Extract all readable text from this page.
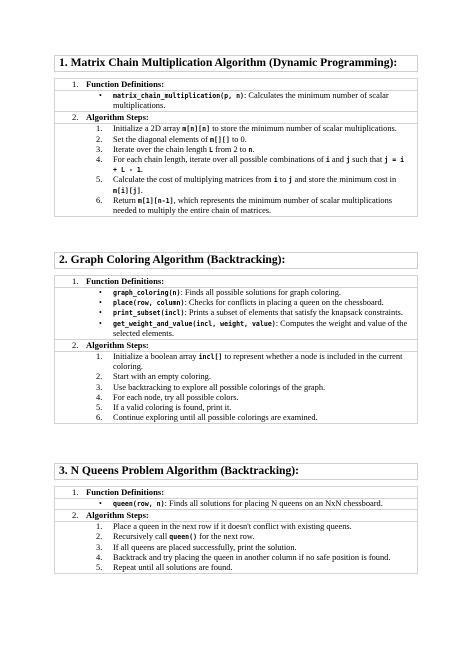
1. Matrix Chain Multiplication Algorithm (Dynamic Programming):
1. Function Definitions:
• matrix_chain_multiplication(p, n): Calculates the minimum number of scalar multiplications.
2. Algorithm Steps:
1. Initialize a 2D array m[n][n] to store the minimum number of scalar multiplications.
2. Set the diagonal elements of m[][] to 0.
3. Iterate over the chain length L from 2 to n.
4. For each chain length, iterate over all possible combinations of i and j such that j = i + L - 1.
5. Calculate the cost of multiplying matrices from i to j and store the minimum cost in m[i][j].
6. Return m[1][n-1], which represents the minimum number of scalar multiplications needed to multiply the entire chain of matrices.
2. Graph Coloring Algorithm (Backtracking):
1. Function Definitions:
• graph_coloring(n): Finds all possible solutions for graph coloring.
• place(row, column): Checks for conflicts in placing a queen on the chessboard.
• print_subset(incl): Prints a subset of elements that satisfy the knapsack constraints.
• get_weight_and_value(incl, weight, value): Computes the weight and value of the selected elements.
2. Algorithm Steps:
1. Initialize a boolean array incl[] to represent whether a node is included in the current coloring.
2. Start with an empty coloring.
3. Use backtracking to explore all possible colorings of the graph.
4. For each node, try all possible colors.
5. If a valid coloring is found, print it.
6. Continue exploring until all possible colorings are examined.
3. N Queens Problem Algorithm (Backtracking):
1. Function Definitions:
• queen(row, n): Finds all solutions for placing N queens on an NxN chessboard.
2. Algorithm Steps:
1. Place a queen in the next row if it doesn't conflict with existing queens.
2. Recursively call queen() for the next row.
3. If all queens are placed successfully, print the solution.
4. Backtrack and try placing the queen in another column if no safe position is found.
5. Repeat until all solutions are found.
